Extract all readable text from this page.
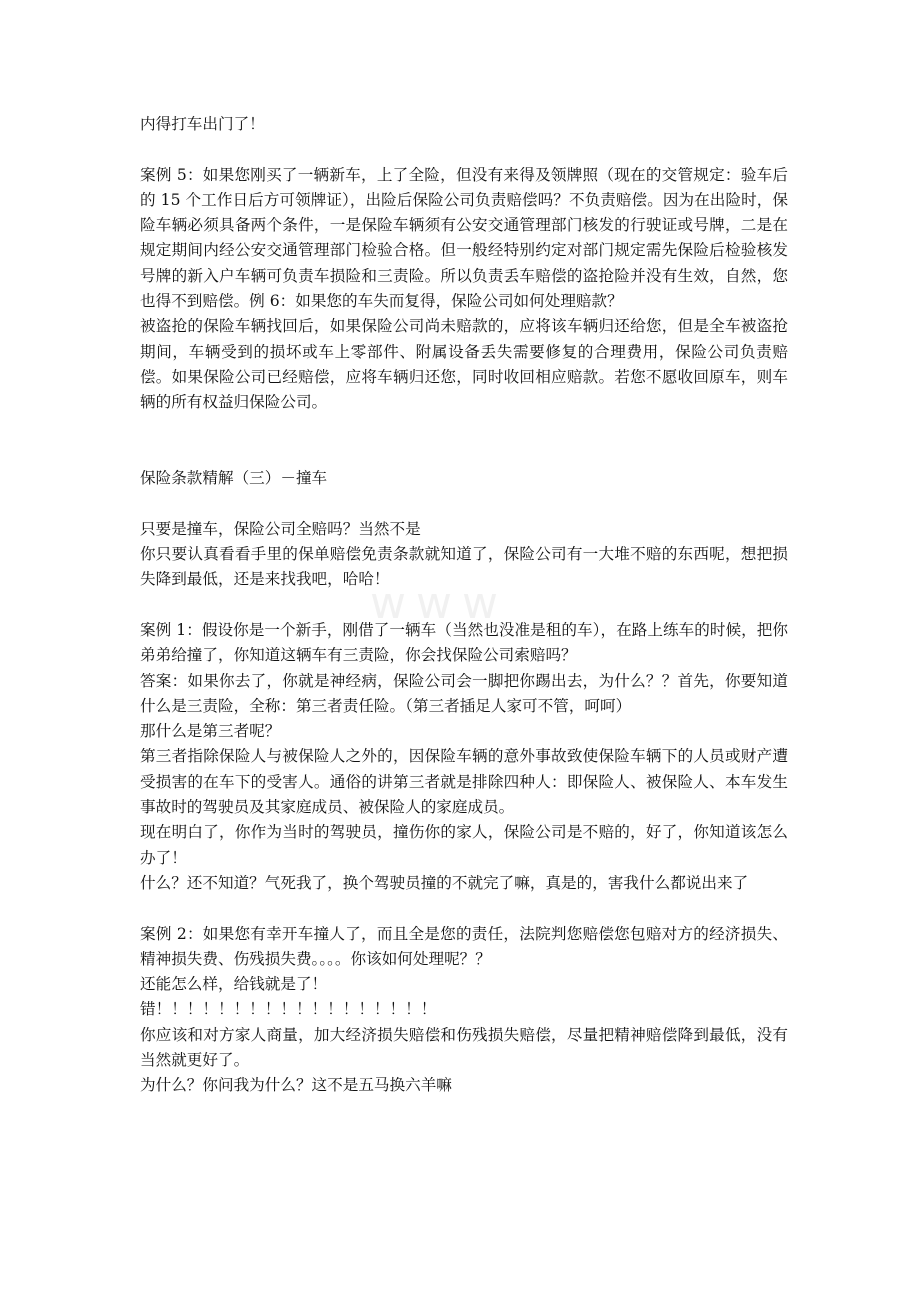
内得打车出门了！

案例 5：如果您刚买了一辆新车，上了全险，但没有来得及领牌照（现在的交管规定：验车后的 15 个工作日后方可领牌证），出险后保险公司负责赔偿吗？不负责赔偿。因为在出险时，保险车辆必须具备两个条件，一是保险车辆须有公安交通管理部门核发的行驶证或号牌，二是在规定期间内经公安交通管理部门检验合格。但一般经特别约定对部门规定需先保险后检验核发号牌的新入户车辆可负责车损险和三责险。所以负责丢车赔偿的盗抢险并没有生效，自然，您也得不到赔偿。例 6：如果您的车失而复得，保险公司如何处理赔款？

被盗抢的保险车辆找回后，如果保险公司尚未赔款的，应将该车辆归还给您，但是全车被盗抢期间，车辆受到的损坏或车上零部件、附属设备丢失需要修复的合理费用，保险公司负责赔偿。如果保险公司已经赔偿，应将车辆归还您，同时收回相应赔款。若您不愿收回原车，则车辆的所有权益归保险公司。

保险条款精解（三）－撞车

只要是撞车，保险公司全赔吗？当然不是

你只要认真看看手里的保单赔偿免责条款就知道了，保险公司有一大堆不赔的东西呢，想把损失降到最低，还是来找我吧，哈哈！

案例 1：假设你是一个新手，刚借了一辆车（当然也没准是租的车），在路上练车的时候，把你弟弟给撞了，你知道这辆车有三责险，你会找保险公司索赔吗？

答案：如果你去了，你就是神经病，保险公司会一脚把你踢出去，为什么？？首先，你要知道什么是三责险，全称：第三者责任险。（第三者插足人家可不管，呵呵）

那什么是第三者呢？

第三者指除保险人与被保险人之外的，因保险车辆的意外事故致使保险车辆下的人员或财产遭受损害的在车下的受害人。通俗的讲第三者就是排除四种人：即保险人、被保险人、本车发生事故时的驾驶员及其家庭成员、被保险人的家庭成员。

现在明白了，你作为当时的驾驶员，撞伤你的家人，保险公司是不赔的，好了，你知道该怎么办了！

什么？还不知道？气死我了，换个驾驶员撞的不就完了嘛，真是的，害我什么都说出来了

案例 2：如果您有幸开车撞人了，而且全是您的责任，法院判您赔偿您包赔对方的经济损失、精神损失费、伤残损失费。。。。你该如何处理呢？？

还能怎么样，给钱就是了！

错！！！！！！！！！！！！！！！！！！

你应该和对方家人商量，加大经济损失赔偿和伤残损失赔偿，尽量把精神赔偿降到最低，没有当然就更好了。

为什么？你问我为什么？这不是五马换六羊嘛

www
